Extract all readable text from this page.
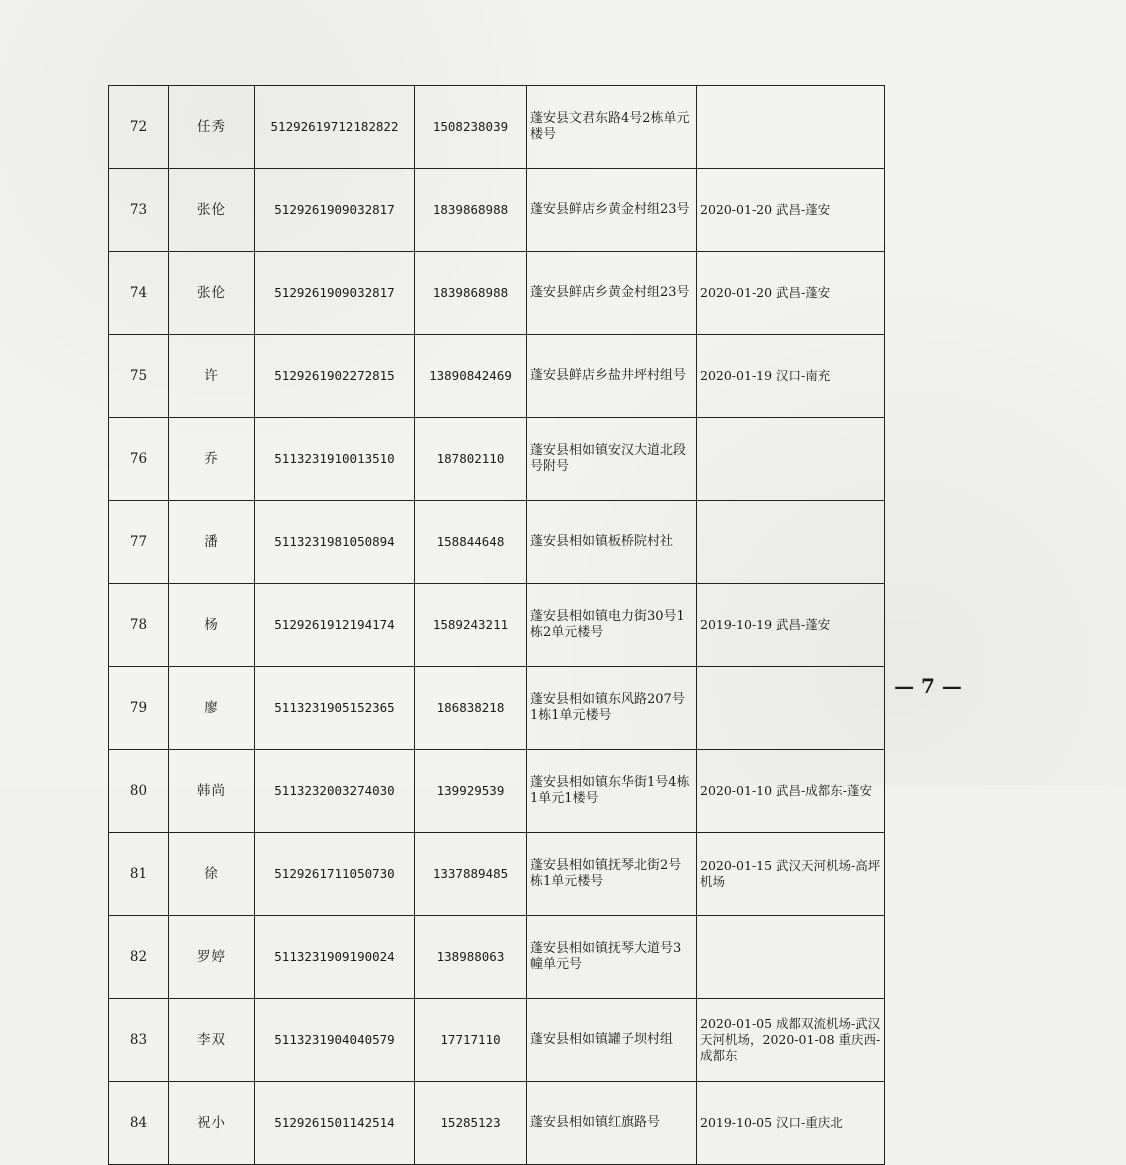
72	任秀	51292619712182822	1508238039	蓬安县文君东路4号2栋单元楼号		
73	张伦	5129261909032817	1839868988	蓬安县鲜店乡黄金村组23号	2020-01-20 武昌-蓬安	
74	张伦	5129261909032817	1839868988	蓬安县鲜店乡黄金村组23号	2020-01-20 武昌-蓬安	
75	许	5129261902272815	13890842469	蓬安县鲜店乡盐井坪村组号	2020-01-19 汉口-南充	
76	乔	5113231910013510	187802110	蓬安县相如镇安汉大道北段号附号		
77	潘	5113231981050894	158844648	蓬安县相如镇板桥院村社		
78	杨	5129261912194174	1589243211	蓬安县相如镇电力街30号1栋2单元楼号	2019-10-19 武昌-蓬安	
79	廖	5113231905152365	186838218	蓬安县相如镇东风路207号1栋1单元楼号		
80	韩尚	5113232003274030	139929539	蓬安县相如镇东华街1号4栋1单元1楼号	2020-01-10 武昌-成都东-蓬安	
81	徐	5129261711050730	1337889485	蓬安县相如镇抚琴北街2号栋1单元楼号	2020-01-15 武汉天河机场-高坪机场	
82	罗婷	5113231909190024	138988063	蓬安县相如镇抚琴大道号3幢单元号		
83	李双	5113231904040579	17717110	蓬安县相如镇罐子坝村组	2020-01-05 成都双流机场-武汉天河机场，2020-01-08 重庆西-成都东	
84	祝小	5129261501142514	15285123	蓬安县相如镇红旗路号	2019-10-05 汉口-重庆北	
— 7 —
